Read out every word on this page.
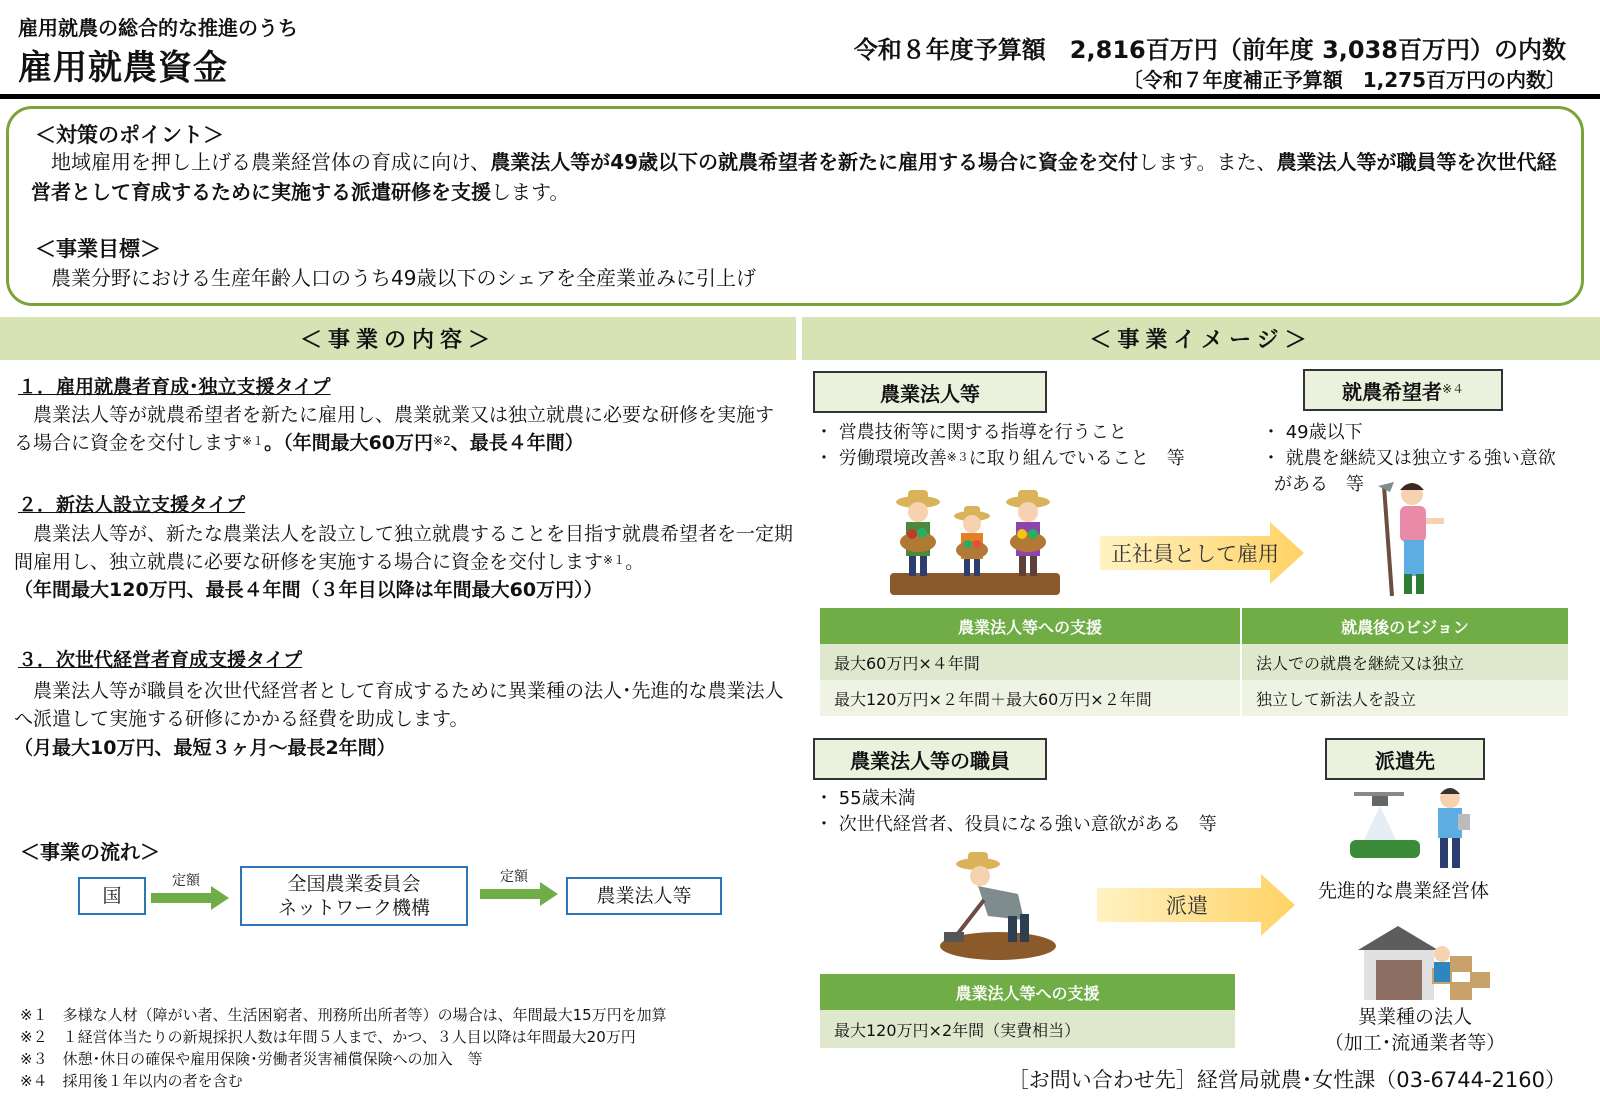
雇用就農の総合的な推進のうち
雇用就農資金	令和８年度予算額　2,816百万円（前年度 3,038百万円）の内数
〔令和７年度補正予算額　1,275百万円の内数〕
＜対策のポイント＞
　地域雇用を押し上げる農業経営体の育成に向け、農業法人等が49歳以下の就農希望者を新たに雇用する場合に資金を交付します。また、農業法人等が職員等を次世代経営者として育成するために実施する派遣研修を支援します。
＜事業目標＞
　農業分野における生産年齢人口のうち49歳以下のシェアを全産業並みに引上げ
＜事業の内容＞	＜事業イメージ＞
１．雇用就農者育成･独立支援タイプ
　農業法人等が就農希望者を新たに雇用し、農業就業又は独立就農に必要な研修を実施する場合に資金を交付します$^{※1}$。（年間最大60万円$^{※2}$、最長４年間）
２．新法人設立支援タイプ
　農業法人等が、新たな農業法人を設立して独立就農することを目指す就農希望者を一定期間雇用し、独立就農に必要な研修を実施する場合に資金を交付します$^{※1}$。
（年間最大120万円、最長４年間（３年目以降は年間最大60万円））
３．次世代経営者育成支援タイプ
　農業法人等が職員を次世代経営者として育成するために異業種の法人･先進的な農業法人へ派遣して実施する研修にかかる経費を助成します。
（月最大10万円、最短３ヶ月～最長2年間）
＜事業の流れ＞
国
定額	全国農業委員会
ネットワーク機構
定額
農業法人等
※１　多様な人材（障がい者、生活困窮者、刑務所出所者等）の場合は、年間最大15万円を加算
※２　１経営体当たりの新規採択人数は年間５人まで、かつ、３人目以降は年間最大20万円
※３　休憩･休日の確保や雇用保険･労働者災害補償保険への加入　等
※４　採用後１年以内の者を含む
農業法人等
・ 営農技術等に関する指導を行うこと
・ 労働環境改善$^{※3}$に取り組んでいること　等
就農希望者 ※４
・ 49歳以下
・ 就農を継続又は独立する強い意欲
がある　等
正社員として雇用
農業法人等への支援	就農後のビジョン
最大60万円×４年間	法人での就農を継続又は独立
最大120万円×２年間＋最大60万円×２年間	独立して新法人を設立
農業法人等の職員
・ 55歳未満
・ 次世代経営者、役員になる強い意欲がある　等
派遣先
派遣
先進的な農業経営体
異業種の法人
（加工･流通業者等）
農業法人等への支援
最大120万円×2年間（実費相当）
［お問い合わせ先］経営局就農･女性課（03-6744-2160）
